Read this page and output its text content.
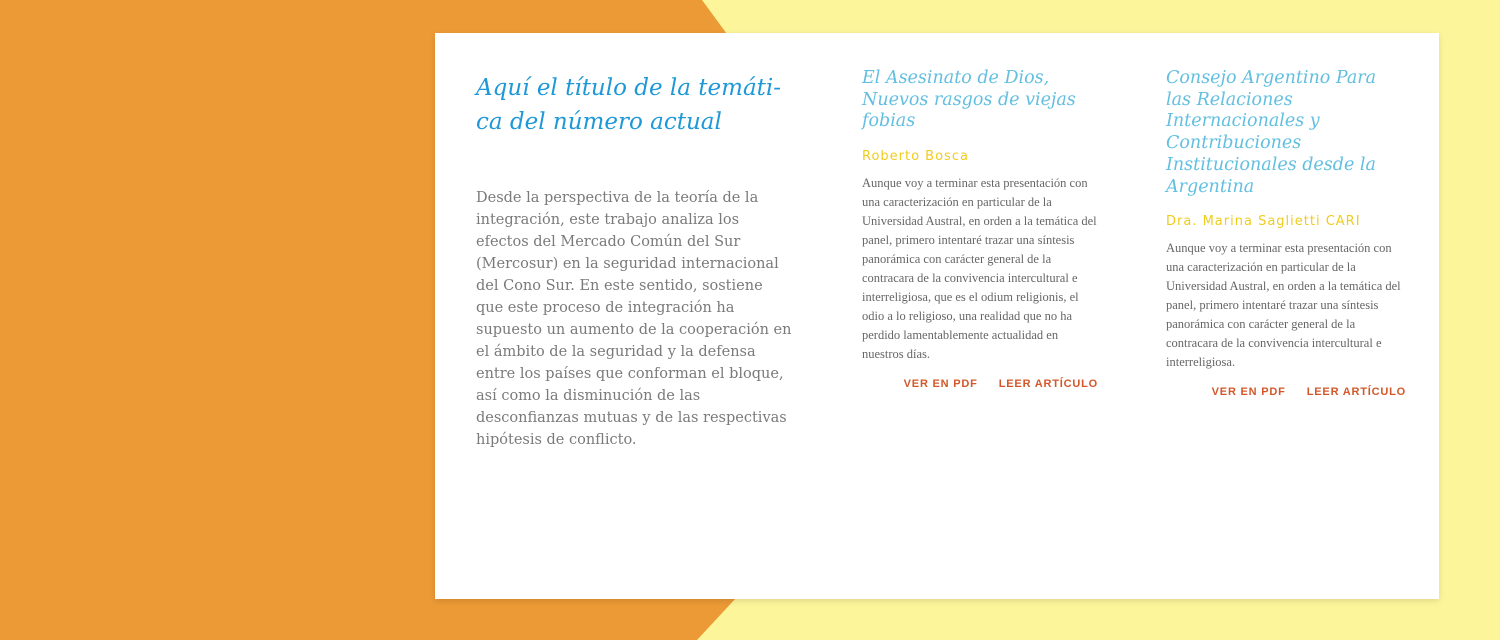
Aquí el título de la temáti-ca del número actual

Desde la perspectiva de la teoría de la integración, este trabajo analiza los efectos del Mercado Común del Sur (Mercosur) en la seguridad internacional del Cono Sur. En este sentido, sostiene que este proceso de integración ha supuesto un aumento de la cooperación en el ámbito de la seguridad y la defensa entre los países que conforman el bloque, así como la disminución de las desconfianzas mutuas y de las respectivas hipótesis de conflicto.

El Asesinato de Dios, Nuevos rasgos de viejas fobias

Roberto Bosca

Aunque voy a terminar esta presentación con una caracterización en particular de la Universidad Austral, en orden a la temática del panel, primero intentaré trazar una síntesis panorámica con carácter general de la contracara de la convivencia intercultural e interreligiosa, que es el odium religionis, el odio a lo religioso, una realidad que no ha perdido lamentablemente actualidad en nuestros días.

VER EN PDF LEER ARTÍCULO
Consejo Argentino Para las Relaciones Internacionales y Contribuciones Institucionales desde la Argentina

Dra. Marina Saglietti CARI

Aunque voy a terminar esta presentación con una caracterización en particular de la Universidad Austral, en orden a la temática del panel, primero intentaré trazar una síntesis panorámica con carácter general de la contracara de la convivencia intercultural e interreligiosa.

VER EN PDF LEER ARTÍCULO
